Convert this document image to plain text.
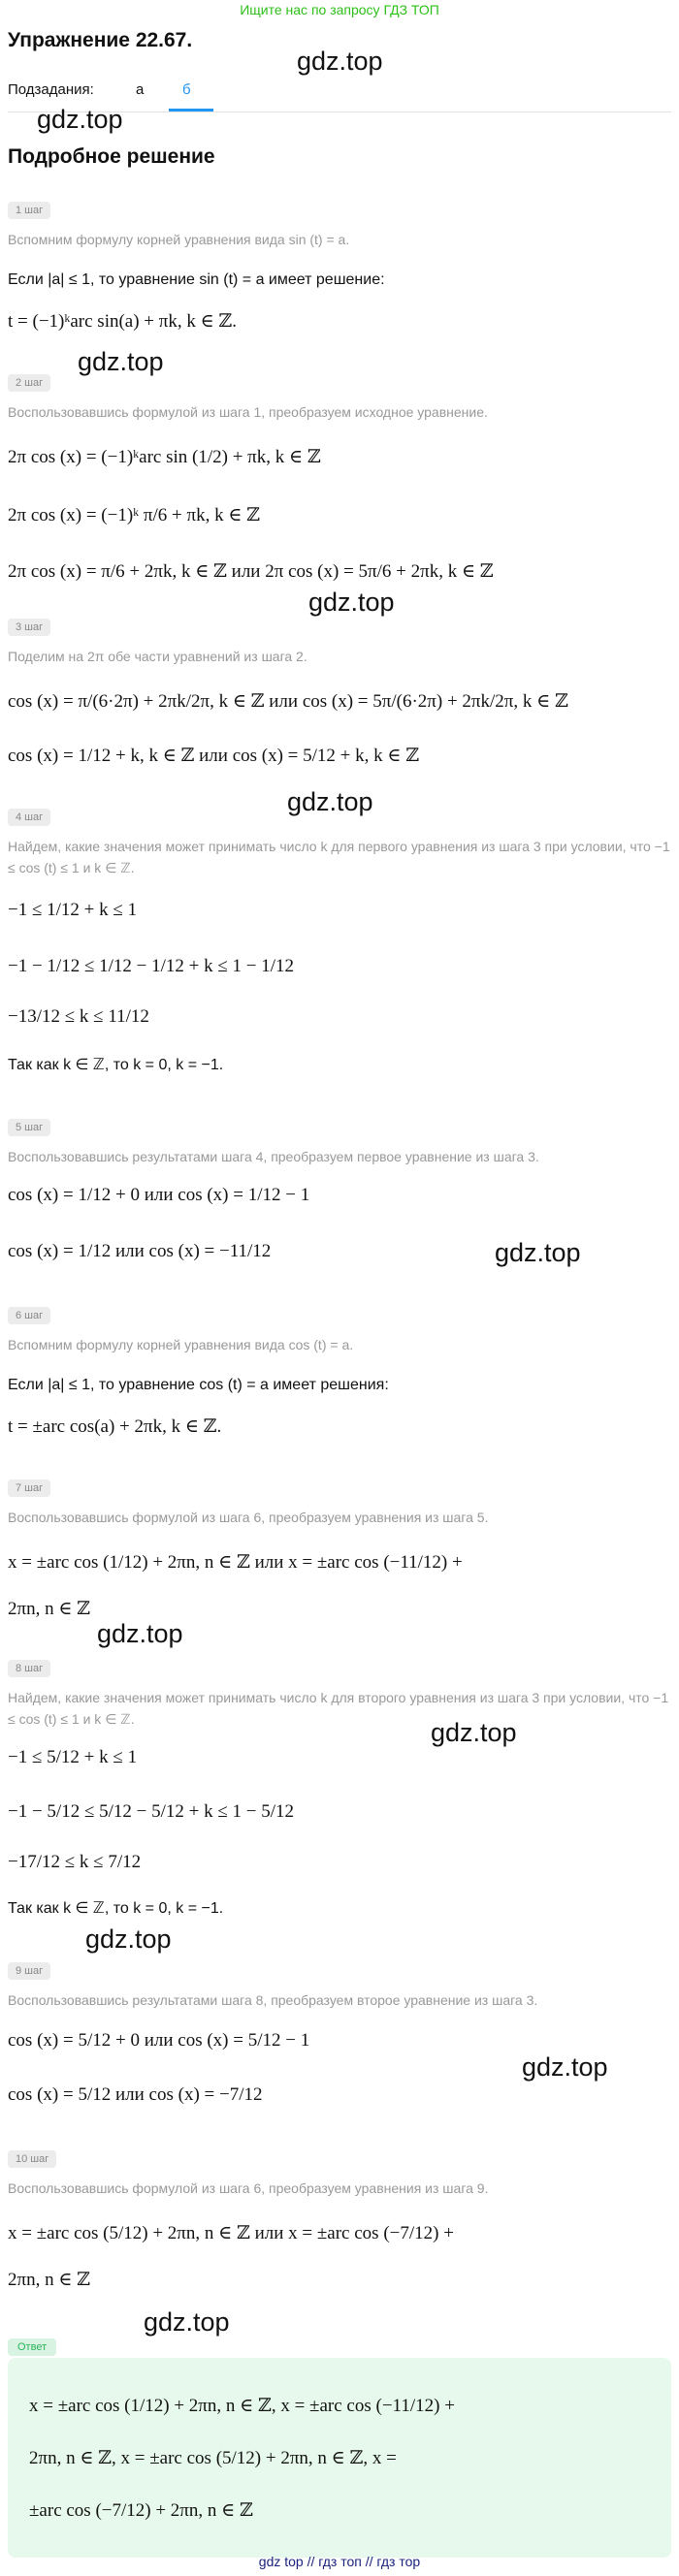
Ищите нас по запросу ГДЗ ТОП
Упражнение 22.67.
Подзадания:	а	б
Подробное решение
gdz.top
gdz.top
gdz.top
gdz.top
gdz.top
gdz.top
gdz.top
gdz.top
gdz.top
gdz.top
gdz.top
1 шаг
Вспомним формулу корней уравнения вида sin (t) = a.
Если |a| ≤ 1, то уравнение sin (t) = a имеет решение:
t = (−1)ᵏarc sin(a) + πk, k ∈ ℤ.
2 шаг
Воспользовавшись формулой из шага 1, преобразуем исходное уравнение.
2π cos (x) = (−1)ᵏarc sin (1/2) + πk, k ∈ ℤ
2π cos (x) = (−1)ᵏ π/6 + πk, k ∈ ℤ
2π cos (x) = π/6 + 2πk, k ∈ ℤ или 2π cos (x) = 5π/6 + 2πk, k ∈ ℤ
3 шаг
Поделим на 2π обе части уравнений из шага 2.
cos (x) = π/(6·2π) + 2πk/2π, k ∈ ℤ или cos (x) = 5π/(6·2π) + 2πk/2π, k ∈ ℤ
cos (x) = 1/12 + k, k ∈ ℤ или cos (x) = 5/12 + k, k ∈ ℤ
4 шаг
Найдем, какие значения может принимать число k для первого уравнения из шага 3 при условии, что −1 ≤ cos (t) ≤ 1 и k ∈ ℤ.
−1 ≤ 1/12 + k ≤ 1
−1 − 1/12 ≤ 1/12 − 1/12 + k ≤ 1 − 1/12
−13/12 ≤ k ≤ 11/12
Так как k ∈ ℤ, то k = 0, k = −1.
5 шаг
Воспользовавшись результатами шага 4, преобразуем первое уравнение из шага 3.
cos (x) = 1/12 + 0 или cos (x) = 1/12 − 1
cos (x) = 1/12 или cos (x) = −11/12
6 шаг
Вспомним формулу корней уравнения вида cos (t) = a.
Если |a| ≤ 1, то уравнение cos (t) = a имеет решения:
t = ±arc cos(a) + 2πk, k ∈ ℤ.
7 шаг
Воспользовавшись формулой из шага 6, преобразуем уравнения из шага 5.
x = ±arc cos (1/12) + 2πn, n ∈ ℤ или x = ±arc cos (−11/12) +
2πn, n ∈ ℤ
8 шаг
Найдем, какие значения может принимать число k для второго уравнения из шага 3 при условии, что −1 ≤ cos (t) ≤ 1 и k ∈ ℤ.
−1 ≤ 5/12 + k ≤ 1
−1 − 5/12 ≤ 5/12 − 5/12 + k ≤ 1 − 5/12
−17/12 ≤ k ≤ 7/12
Так как k ∈ ℤ, то k = 0, k = −1.
9 шаг
Воспользовавшись результатами шага 8, преобразуем второе уравнение из шага 3.
cos (x) = 5/12 + 0 или cos (x) = 5/12 − 1
cos (x) = 5/12 или cos (x) = −7/12
10 шаг
Воспользовавшись формулой из шага 6, преобразуем уравнения из шага 9.
x = ±arc cos (5/12) + 2πn, n ∈ ℤ или x = ±arc cos (−7/12) +
2πn, n ∈ ℤ
Ответ
x = ±arc cos (1/12) + 2πn, n ∈ ℤ, x = ±arc cos (−11/12) +
2πn, n ∈ ℤ, x = ±arc cos (5/12) + 2πn, n ∈ ℤ, x =
±arc cos (−7/12) + 2πn, n ∈ ℤ
gdz top // гдз топ // гдз тор
